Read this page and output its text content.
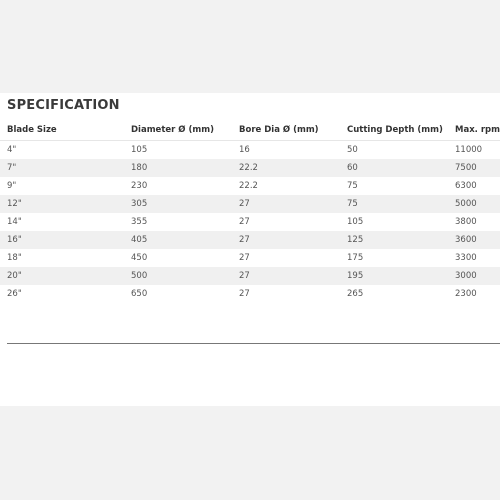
SPECIFICATION
Blade Size	Diameter Ø (mm)	Bore Dia Ø (mm)	Cutting Depth (mm)	Max. rpm
4"	105	16	50	11000
7"	180	22.2	60	7500
9"	230	22.2	75	6300
12"	305	27	75	5000
14"	355	27	105	3800
16"	405	27	125	3600
18"	450	27	175	3300
20"	500	27	195	3000
26"	650	27	265	2300
